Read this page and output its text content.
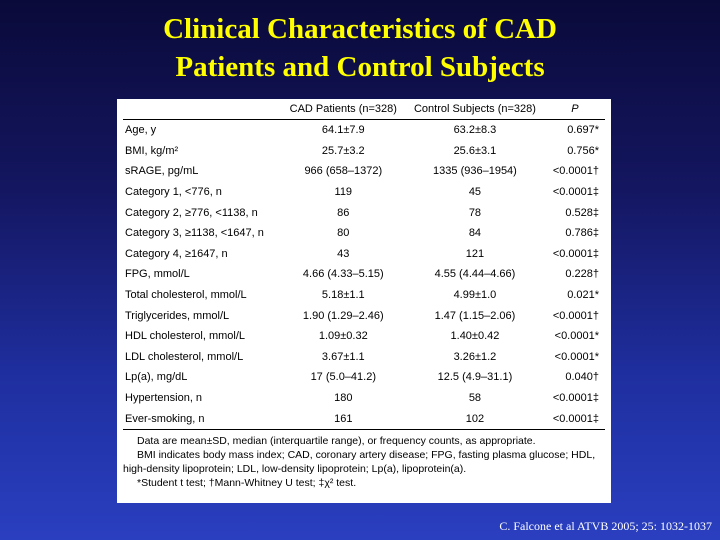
Clinical Characteristics of CAD
Patients and Control Subjects
	CAD Patients (n=328)	Control Subjects (n=328)	P
Age, y	64.1±7.9	63.2±8.3	0.697*
BMI, kg/m²	25.7±3.2	25.6±3.1	0.756*
sRAGE, pg/mL	966 (658–1372)	1335 (936–1954)	<0.0001†
Category 1, <776, n	119	45	<0.0001‡
Category 2, ≥776, <1138, n	86	78	0.528‡
Category 3, ≥1138, <1647, n	80	84	0.786‡
Category 4, ≥1647, n	43	121	<0.0001‡
FPG, mmol/L	4.66 (4.33–5.15)	4.55 (4.44–4.66)	0.228†
Total cholesterol, mmol/L	5.18±1.1	4.99±1.0	0.021*
Triglycerides, mmol/L	1.90 (1.29–2.46)	1.47 (1.15–2.06)	<0.0001†
HDL cholesterol, mmol/L	1.09±0.32	1.40±0.42	<0.0001*
LDL cholesterol, mmol/L	3.67±1.1	3.26±1.2	<0.0001*
Lp(a), mg/dL	17 (5.0–41.2)	12.5 (4.9–31.1)	0.040†
Hypertension, n	180	58	<0.0001‡
Ever-smoking, n	161	102	<0.0001‡
Data are mean±SD, median (interquartile range), or frequency counts, as appropriate.
BMI indicates body mass index; CAD, coronary artery disease; FPG, fasting plasma glucose; HDL, high-density lipoprotein; LDL, low-density lipoprotein; Lp(a), lipoprotein(a).
*Student t test; †Mann-Whitney U test; ‡χ² test.
C. Falcone et al ATVB 2005; 25: 1032-1037
